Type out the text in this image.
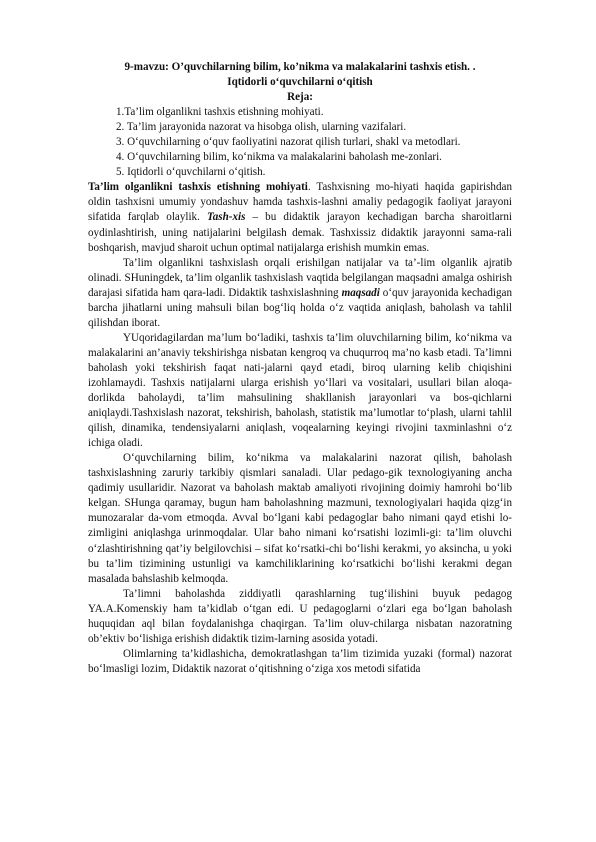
9-mavzu: O’quvchilarning bilim, ko’nikma va malakalarini tashxis etish. .

Iqtidorli o‘quvchilarni o‘qitish

Reja:

1.Ta’lim olganlikni tashxis etishning mohiyati.
2. Ta’lim jarayonida nazorat va hisobga olish, ularning vazifalari.
3. O‘quvchilarning o‘quv faoliyatini nazorat qilish turlari, shakl va metodlari.
4. O‘quvchilarning bilim, ko‘nikma va malakalarini baholash me-zonlari.
5. Iqtidorli o‘quvchilarni o‘qitish.

Ta’lim olganlikni tashxis etishning mohiyati. Tashxisning mo-hiyati haqida gapirishdan oldin tashxisni umumiy yondashuv hamda tashxis-lashni amaliy pedagogik faoliyat jarayoni sifatida farqlab olaylik. Tash-xis – bu didaktik jarayon kechadigan barcha sharoitlarni oydinlashtirish, uning natijalarini belgilash demak. Tashxissiz didaktik jarayonni sama-rali boshqarish, mavjud sharoit uchun optimal natijalarga erishish mumkin emas.

Ta’lim olganlikni tashxislash orqali erishilgan natijalar va ta’-lim olganlik ajratib olinadi. SHuningdek, ta’lim olganlik tashxislash vaqtida belgilangan maqsadni amalga oshirish darajasi sifatida ham qara-ladi. Didaktik tashxislashning maqsadi o‘quv jarayonida kechadigan barcha jihatlarni uning mahsuli bilan bog‘liq holda o‘z vaqtida aniqlash, baholash va tahlil qilishdan iborat.

YUqoridagilardan ma’lum bo‘ladiki, tashxis ta’lim oluvchilarning bilim, ko‘nikma va malakalarini an’anaviy tekshirishga nisbatan kengroq va chuqurroq ma’no kasb etadi. Ta’limni baholash yoki tekshirish faqat nati-jalarni qayd etadi, biroq ularning kelib chiqishini izohlamaydi. Tashxis natijalarni ularga erishish yo‘llari va vositalari, usullari bilan aloqa-dorlikda baholaydi, ta’lim mahsulining shakllanish jarayonlari va bos-qichlarni aniqlaydi.Tashxislash nazorat, tekshirish, baholash, statistik ma’lumotlar to‘plash, ularni tahlil qilish, dinamika, tendensiyalarni aniqlash, voqealarning keyingi rivojini taxminlashni o‘z ichiga oladi.

O‘quvchilarning bilim, ko‘nikma va malakalarini nazorat qilish, baholash tashxislashning zaruriy tarkibiy qismlari sanaladi. Ular pedago-gik texnologiyaning ancha qadimiy usullaridir. Nazorat va baholash maktab amaliyoti rivojining doimiy hamrohi bo‘lib kelgan. SHunga qaramay, bugun ham baholashning mazmuni, texnologiyalari haqida qizg‘in munozaralar da-vom etmoqda. Avval bo‘lgani kabi pedagoglar baho nimani qayd etishi lo-zimligini aniqlashga urinmoqdalar. Ular baho nimani ko‘rsatishi lozimli-gi: ta’lim oluvchi o‘zlashtirishning qat’iy belgilovchisi – sifat ko‘rsatki-chi bo‘lishi kerakmi, yo aksincha, u yoki bu ta’lim tizimining ustunligi va kamchiliklarining ko‘rsatkichi bo‘lishi kerakmi degan masalada bahslashib kelmoqda.

Ta’limni baholashda ziddiyatli qarashlarning tug‘ilishini buyuk pedagog YA.A.Komenskiy ham ta’kidlab o‘tgan edi. U pedagoglarni o‘zlari ega bo‘lgan baholash huquqidan aql bilan foydalanishga chaqirgan. Ta’lim oluv-chilarga nisbatan nazoratning ob’ektiv bo‘lishiga erishish didaktik tizim-larning asosida yotadi.

Olimlarning ta’kidlashicha, demokratlashgan ta’lim tizimida yuzaki (formal) nazorat bo‘lmasligi lozim, Didaktik nazorat o‘qitishning o‘ziga xos metodi sifatida
